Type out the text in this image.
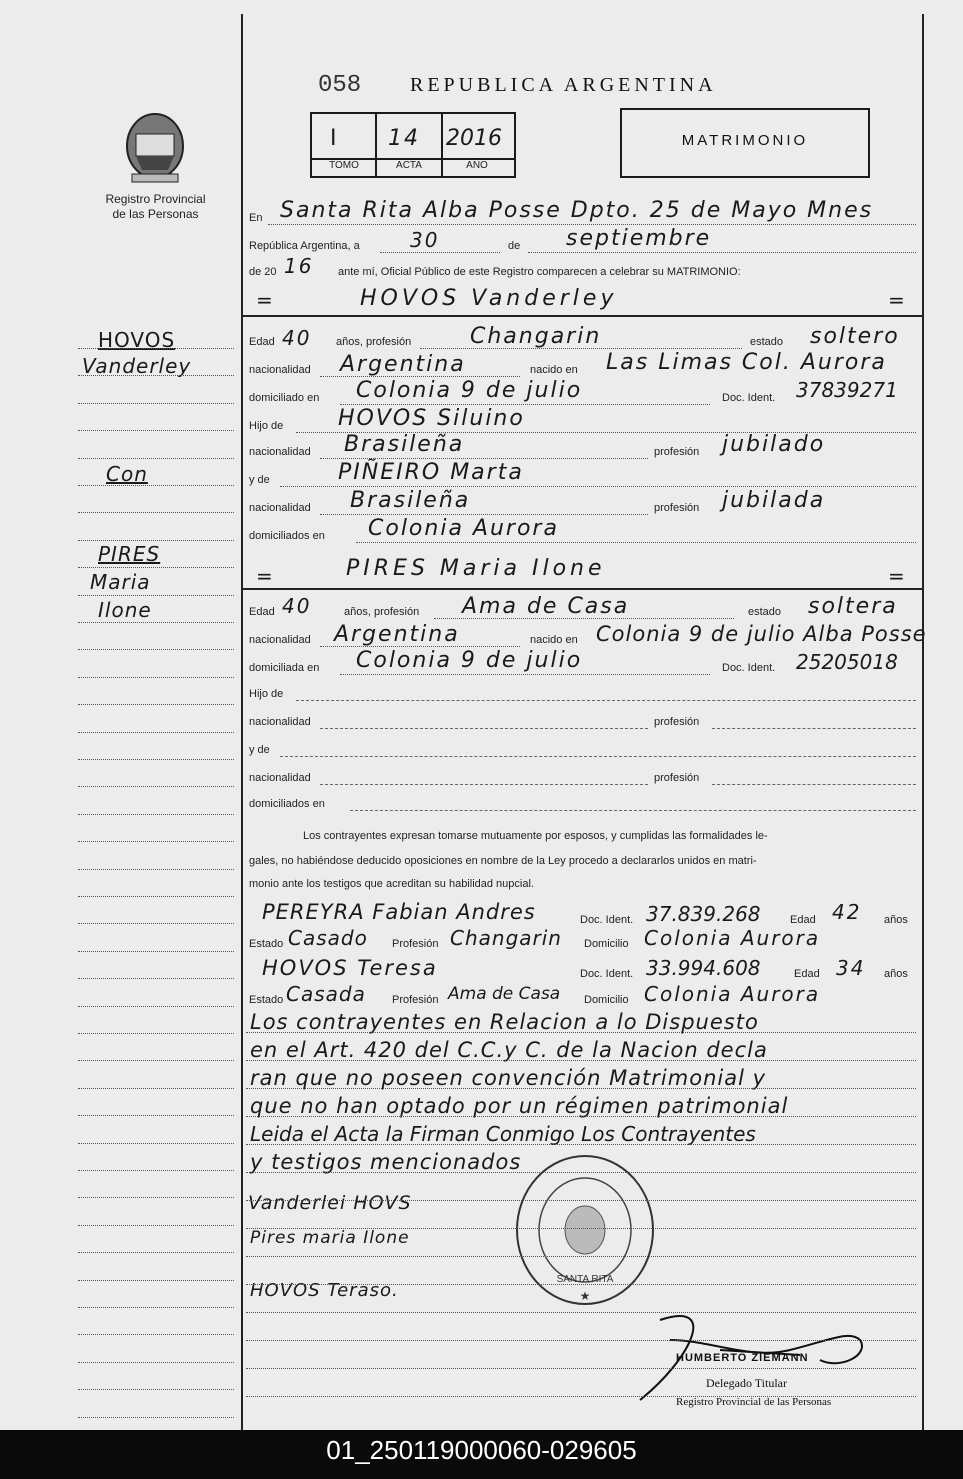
Registro Provincial
de las Personas
058 REPUBLICA ARGENTINA
I 14 2016
TOMO	ACTA	AÑO
MATRIMONIO
En Santa Rita Alba Posse Dpto. 25 de Mayo Mnes
República Argentina, a	30	de septiembre
de 20 16 ante mí, Oficial Público de este Registro comparecen a celebrar su MATRIMONIO:
=	HOVOS Vanderley	=
Edad 40 años, profesión	Changarin	estado soltero
nacionalidad Argentina	nacido en Las Limas Col. Aurora
domiciliado en Colonia 9 de julio	Doc. Ident. 37839271
Hijo de HOVOS Siluino
nacionalidad Brasileña	profesión jubilado
y de	PIÑEIRO Marta
nacionalidad Brasileña	profesión jubilada
domiciliados en Colonia Aurora
=	PIRES Maria Ilone	=
Edad 40	años, profesión Ama de Casa	estado soltera
nacionalidad Argentina	nacido en Colonia 9 de julio Alba Posse
domiciliada en Colonia 9 de julio	Doc. Ident. 25205018
Hijo de
nacionalidad	profesión
y de
nacionalidad	profesión
domiciliados en
Los contrayentes expresan tomarse mutuamente por esposos, y cumplidas las formalidades le-
gales, no habiéndose deducido oposiciones en nombre de la Ley procedo a declararlos unidos en matri-
monio ante los testigos que acreditan su habilidad nupcial.
PEREYRA Fabian Andres	Doc. Ident. 37.839.268	Edad 42 años
Estado Casado Profesión Changarin Domicilio Colonia Aurora
HOVOS Teresa	Doc. Ident. 33.994.608	Edad 34 años
Estado Casada Profesión Ama de Casa Domicilio Colonia Aurora
Los contrayentes en Relacion a lo Dispuesto
en el Art. 420 del C.C.y C. de la Nacion decla
ran que no poseen convención Matrimonial y
que no han optado por un régimen patrimonial
Leida el Acta la Firman Conmigo Los Contrayentes
y testigos mencionados
Vanderlei HOVS
Pires maria Ilone
HOVOS Teraso.
SANTA RITA
★
HUMBERTO ZIEMANN
Delegado Titular
Registro Provincial de las Personas
HOVOS
Vanderley
Con
PIRES
Maria
Ilone
01_250119000060-029605
